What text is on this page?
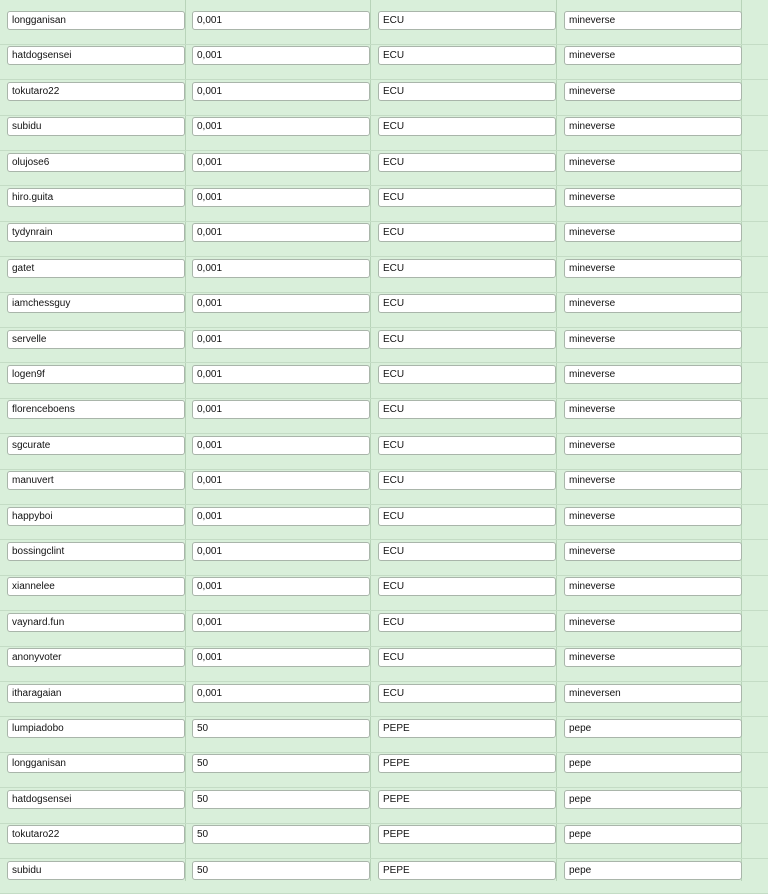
longganisan	0,001	ECU	mineverse
hatdogsensei	0,001	ECU	mineverse
tokutaro22	0,001	ECU	mineverse
subidu	0,001	ECU	mineverse
olujose6	0,001	ECU	mineverse
hiro.guita	0,001	ECU	mineverse
tydynrain	0,001	ECU	mineverse
gatet	0,001	ECU	mineverse
iamchessguy	0,001	ECU	mineverse
servelle	0,001	ECU	mineverse
logen9f	0,001	ECU	mineverse
florenceboens	0,001	ECU	mineverse
sgcurate	0,001	ECU	mineverse
manuvert	0,001	ECU	mineverse
happyboi	0,001	ECU	mineverse
bossingclint	0,001	ECU	mineverse
xiannelee	0,001	ECU	mineverse
vaynard.fun	0,001	ECU	mineverse
anonyvoter	0,001	ECU	mineverse
itharagaian	0,001	ECU	mineversen
lumpiadobo	50	PEPE	pepe
longganisan	50	PEPE	pepe
hatdogsensei	50	PEPE	pepe
tokutaro22	50	PEPE	pepe
subidu	50	PEPE	pepe
